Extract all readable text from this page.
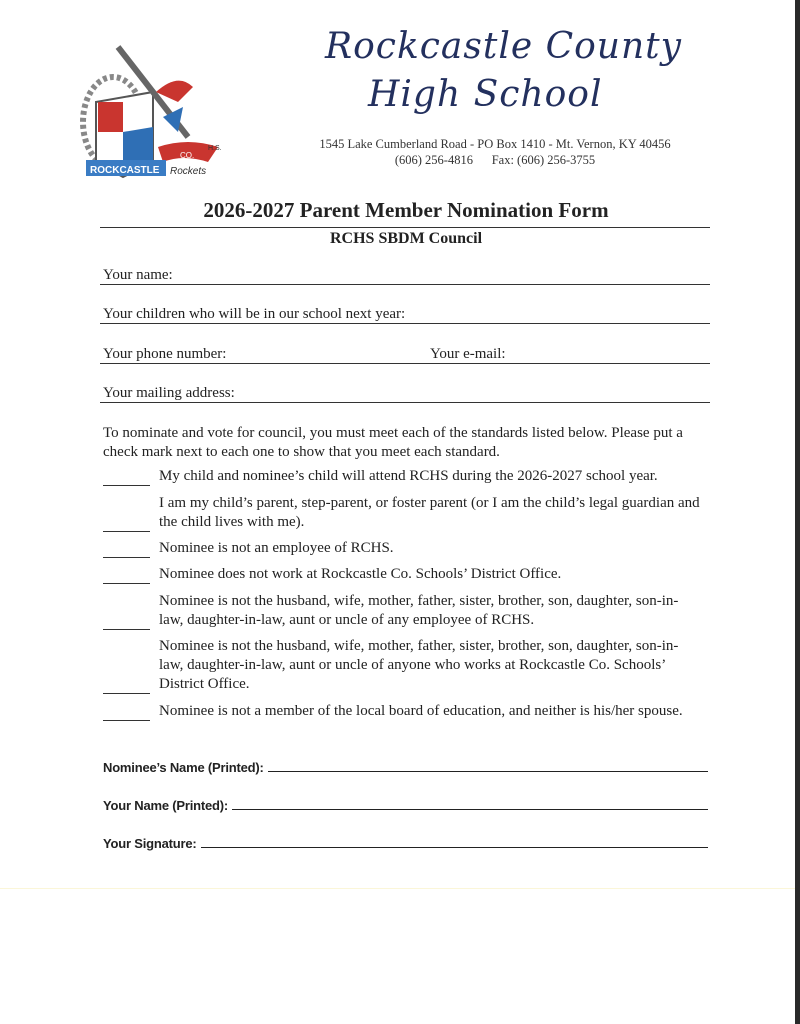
ROCKCASTLE Rockets
CO.
H.S.
Rockcastle County
High School
1545 Lake Cumberland Road - PO Box 1410 - Mt. Vernon, KY 40456
(606) 256-4816 Fax: (606) 256-3755
2026-2027 Parent Member Nomination Form
RCHS SBDM Council
Your name:
Your children who will be in our school next year:
Your phone number:	Your e-mail:
Your mailing address:
To nominate and vote for council, you must meet each of the standards listed below. Please put a check mark next to each one to show that you meet each standard.
My child and nominee’s child will attend RCHS during the 2026-2027 school year.
I am my child’s parent, step-parent, or foster parent (or I am the child’s legal guardian and the child lives with me).
Nominee is not an employee of RCHS.
Nominee does not work at Rockcastle Co. Schools’ District Office.
Nominee is not the husband, wife, mother, father, sister, brother, son, daughter, son-in-law, daughter-in-law, aunt or uncle of any employee of RCHS.
Nominee is not the husband, wife, mother, father, sister, brother, son, daughter, son-in-law, daughter-in-law, aunt or uncle of anyone who works at Rockcastle Co. Schools’ District Office.
Nominee is not a member of the local board of education, and neither is his/her spouse.
Nominee’s Name (Printed):
Your Name (Printed):
Your Signature:
